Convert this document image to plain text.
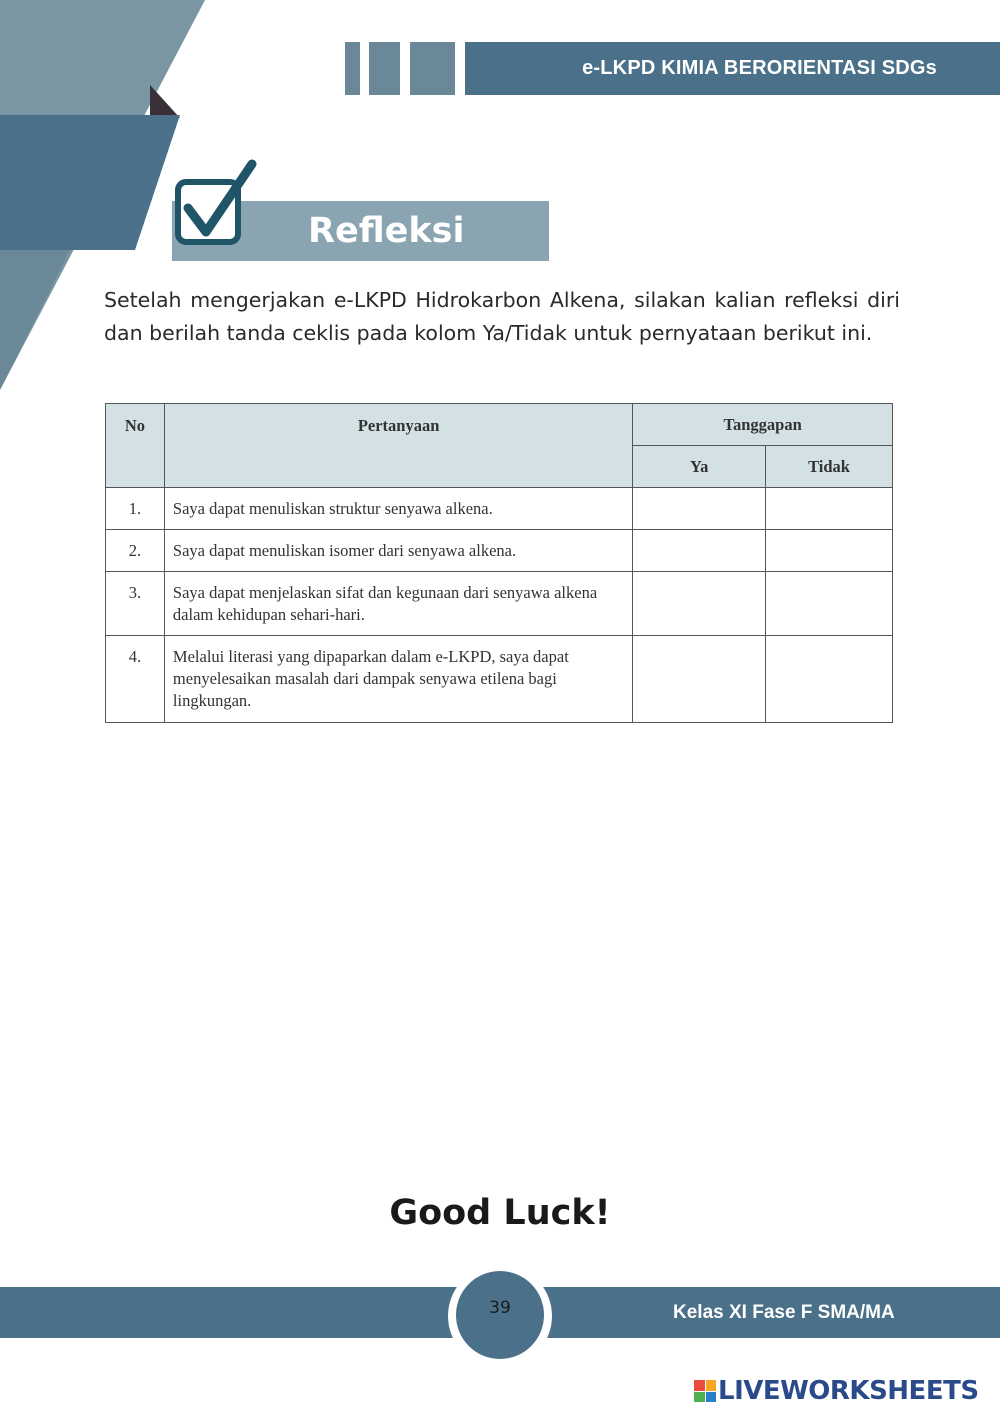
e-LKPD KIMIA BERORIENTASI SDGs
Refleksi

Setelah mengerjakan e-LKPD Hidrokarbon Alkena, silakan kalian refleksi diri dan berilah tanda ceklis pada kolom Ya/Tidak untuk pernyataan berikut ini.

No	Pertanyaan	Tanggapan	
		Ya	Tidak
1.	Saya dapat menuliskan struktur senyawa alkena.		
2.	Saya dapat menuliskan isomer dari senyawa alkena.		
3.	Saya dapat menjelaskan sifat dan kegunaan dari senyawa alkena dalam kehidupan sehari-hari.		
4.	Melalui literasi yang dipaparkan dalam e-LKPD, saya dapat menyelesaikan masalah dari dampak senyawa etilena bagi lingkungan.		
Good Luck!
39	Kelas XI Fase F SMA/MA
LIVEWORKSHEETS
